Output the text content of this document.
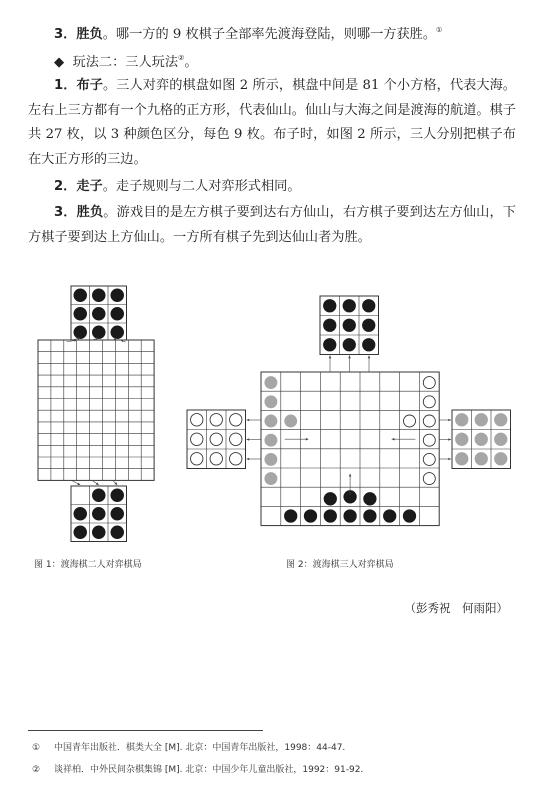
3．胜负。哪一方的 9 枚棋子全部率先渡海登陆，则哪一方获胜。①
◆ 玩法二：三人玩法②。
1．布子。三人对弈的棋盘如图 2 所示，棋盘中间是 81 个小方格，代表大海。左右上三方都有一个九格的正方形，代表仙山。仙山与大海之间是渡海的航道。棋子共 27 枚，以 3 种颜色区分，每色 9 枚。布子时，如图 2 所示，三人分别把棋子布在大正方形的三边。
2．走子。走子规则与二人对弈形式相同。
3．胜负。游戏目的是左方棋子要到达右方仙山，右方棋子要到达左方仙山，下方棋子要到达上方仙山。一方所有棋子先到达仙山者为胜。
图 1：渡海棋二人对弈棋局	图 2：渡海棋三人对弈棋局
（彭秀祝　何雨阳）
① 中国青年出版社．棋类大全 [M]. 北京：中国青年出版社，1998：44-47.
② 谈祥柏．中外民间杂棋集锦 [M]. 北京：中国少年儿童出版社，1992：91-92.
